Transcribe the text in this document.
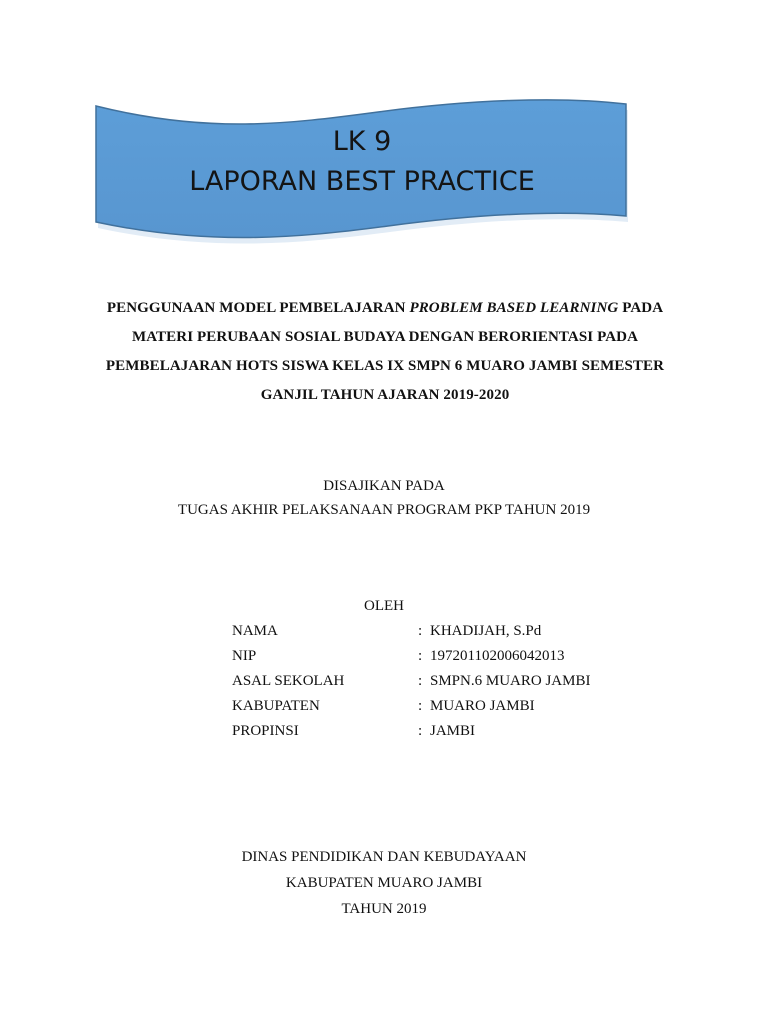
LK 9
LAPORAN BEST PRACTICE
PENGGUNAAN MODEL PEMBELAJARAN PROBLEM BASED LEARNING PADA
MATERI PERUBAAN SOSIAL BUDAYA DENGAN BERORIENTASI PADA
PEMBELAJARAN HOTS SISWA KELAS IX SMPN 6 MUARO JAMBI SEMESTER
GANJIL TAHUN AJARAN 2019-2020
DISAJIKAN PADA
TUGAS AKHIR PELAKSANAAN PROGRAM PKP TAHUN 2019
OLEH
NAMA	: KHADIJAH, S.Pd
NIP	: 197201102006042013
ASAL SEKOLAH	: SMPN.6 MUARO JAMBI
KABUPATEN	: MUARO JAMBI
PROPINSI	: JAMBI
DINAS PENDIDIKAN DAN KEBUDAYAAN
KABUPATEN MUARO JAMBI
TAHUN 2019
